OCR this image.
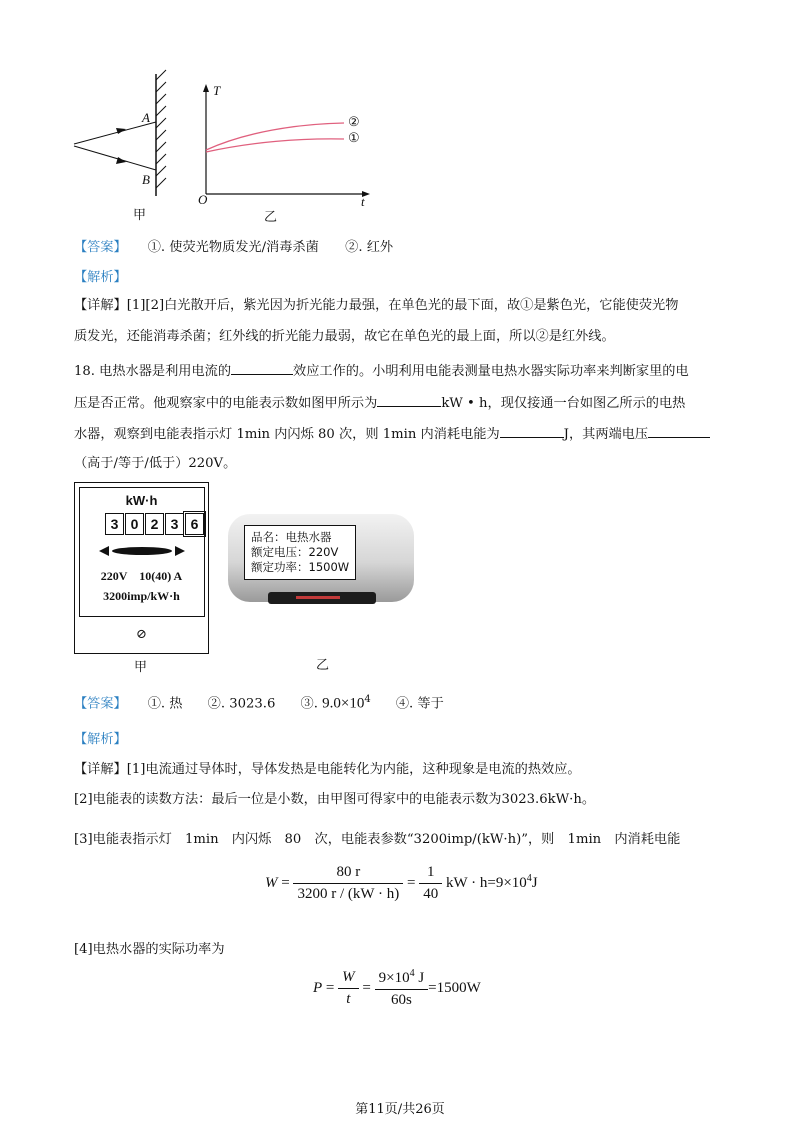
A
B
甲
T
O	t
②
①
乙
【答案】 ①. 使荧光物质发光/消毒杀菌　　②. 红外
【解析】
【详解】[1][2]白光散开后，紫光因为折光能力最强，在单色光的最下面，故①是紫色光，它能使荧光物
质发光，还能消毒杀菌；红外线的折光能力最弱，故它在单色光的最上面，所以②是红外线。
18. 电热水器是利用电流的	效应工作的。小明利用电能表测量电热水器实际功率来判断家里的电
压是否正常。他观察家中的电能表示数如图甲所示为	kW • h，现仅接通一台如图乙所示的电热
水器，观察到电能表指示灯 1min 内闪烁 80 次，则 1min 内消耗电能为	J，其两端电压
（高于/等于/低于）220V。
kW·h
3 0 2 3 6
220V　10(40) A
3200imp/kW·h
⊘
甲
品名：电热水器
额定电压：220V
额定功率：1500W
乙
【答案】 ①. 热 ②. 3023.6 ③. $9.0\times 10^4$ ④. 等于
【解析】
【详解】[1]电流通过导体时，导体发热是电能转化为内能，这种现象是电流的热效应。
[2]电能表的读数方法：最后一位是小数，由甲图可得家中的电能表示数为3023.6kW·h。
[3]电能表指示灯　1min　内闪烁　80　次，电能表参数“3200imp/(kW·h)”，则　1min　内消耗电能
$W = \frac{80 r}{3200 r / (kW \cdot h)} = \frac{1}{40}$ kW · $h=9\times 10^4J$
[4]电热水器的实际功率为
$P = \frac{W}{t} = \frac{9\times 10^4 J}{60s} =1500W$
第11页/共26页
